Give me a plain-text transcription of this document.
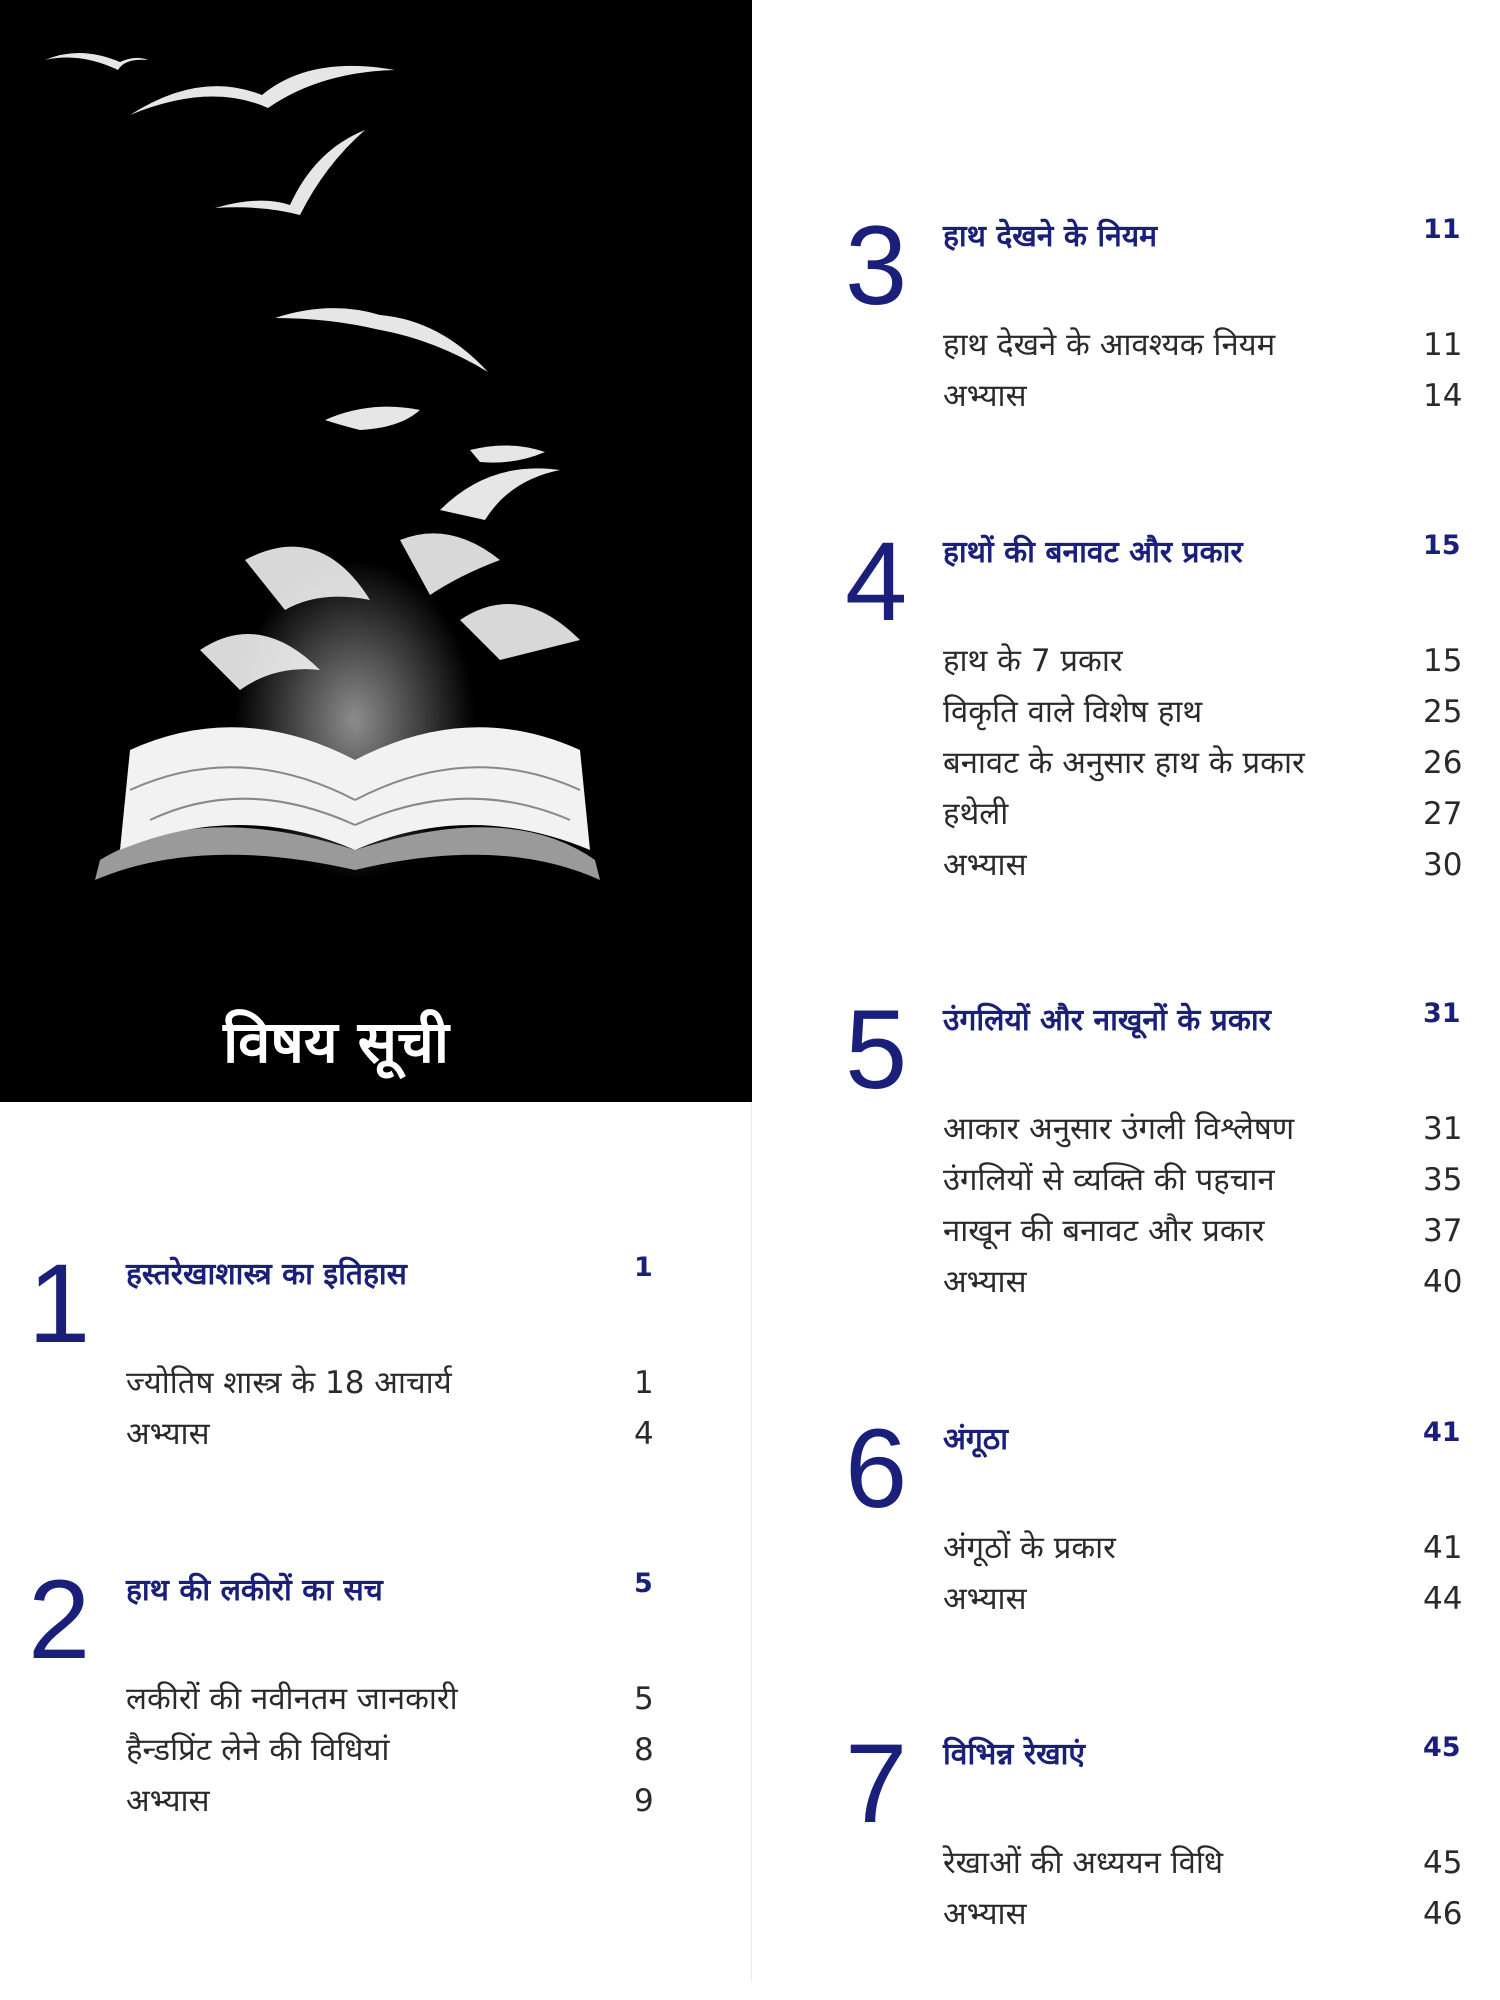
विषय सूची
1 हस्तरेखाशास्त्र का इतिहास	1
ज्योतिष शास्त्र के 18 आचार्य	1
अभ्यास	4
2 हाथ की लकीरों का सच	5
लकीरों की नवीनतम जानकारी	5
हैन्डप्रिंट लेने की विधियां	8
अभ्यास	9
3 हाथ देखने के नियम	11
हाथ देखने के आवश्यक नियम	11
अभ्यास	14
4 हाथों की बनावट और प्रकार	15
हाथ के 7 प्रकार	15
विकृति वाले विशेष हाथ	25
बनावट के अनुसार हाथ के प्रकार	26
हथेली	27
अभ्यास	30
5 उंगलियों और नाखूनों के प्रकार	31
आकार अनुसार उंगली विश्लेषण	31
उंगलियों से व्यक्ति की पहचान	35
नाखून की बनावट और प्रकार	37
अभ्यास	40
6 अंगूठा	41
अंगूठों के प्रकार	41
अभ्यास	44
7 विभिन्न रेखाएं	45
रेखाओं की अध्ययन विधि	45
अभ्यास	46
